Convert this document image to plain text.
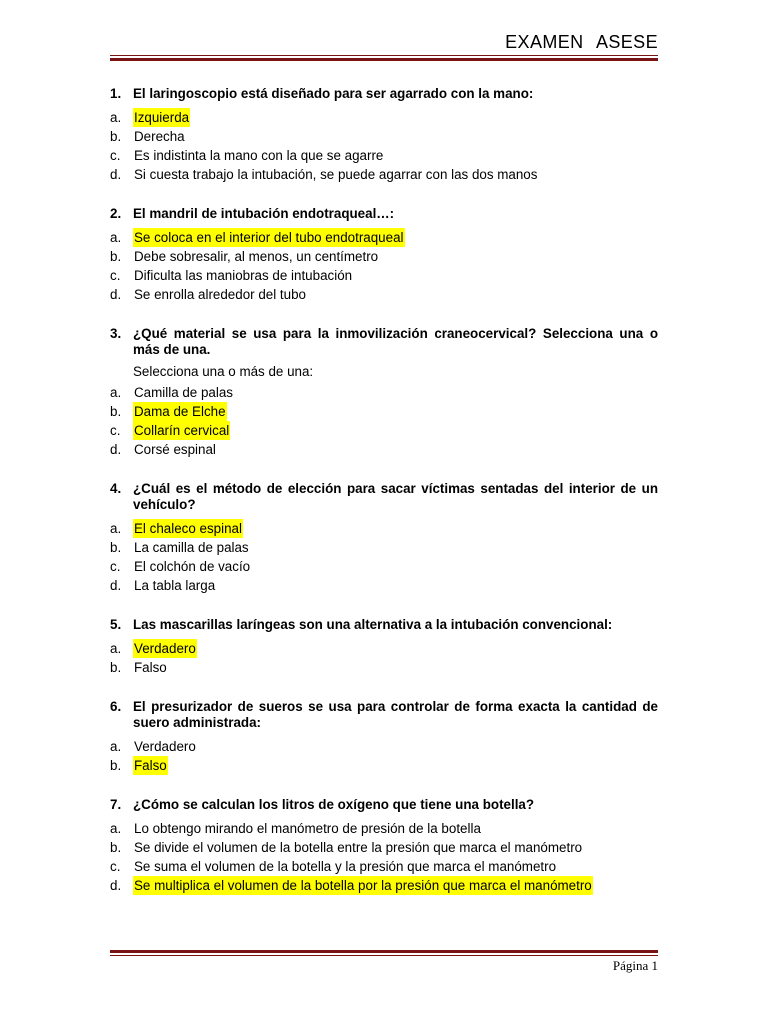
EXAMEN ASESE
1. El laringoscopio está diseñado para ser agarrado con la mano:
a. Izquierda
b. Derecha
c.	Es indistinta la mano con la que se agarre
d. Si cuesta trabajo la intubación, se puede agarrar con las dos manos
2. El mandril de intubación endotraqueal…:
a. Se coloca en el interior del tubo endotraqueal
b. Debe sobresalir, al menos, un centímetro
c.	Dificulta las maniobras de intubación
d. Se enrolla alrededor del tubo
3. ¿Qué material se usa para la inmovilización craneocervical? Selecciona una o más de una.
Selecciona una o más de una:
a. Camilla de palas
b. Dama de Elche
c.	Collarín cervical
d. Corsé espinal
4. ¿Cuál es el método de elección para sacar víctimas sentadas del interior de un vehículo?
a. El chaleco espinal
b. La camilla de palas
c.	El colchón de vacío
d. La tabla larga
5. Las mascarillas laríngeas son una alternativa a la intubación convencional:
a. Verdadero
b. Falso
6. El presurizador de sueros se usa para controlar de forma exacta la cantidad de suero administrada:
a. Verdadero
b. Falso
7. ¿Cómo se calculan los litros de oxígeno que tiene una botella?
a. Lo obtengo mirando el manómetro de presión de la botella
b. Se divide el volumen de la botella entre la presión que marca el manómetro
c.	Se suma el volumen de la botella y la presión que marca el manómetro
d. Se multiplica el volumen de la botella por la presión que marca el manómetro
Página 1
